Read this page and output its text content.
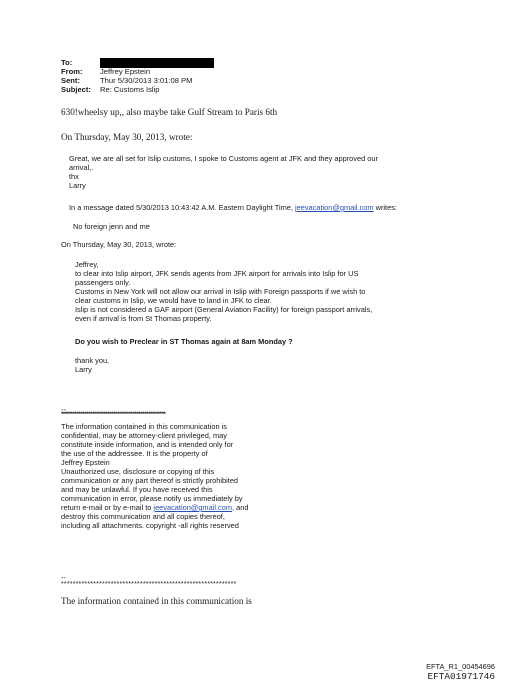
To:
From: Jeffrey Epstein
Sent:	Thur 5/30/2013 3:01:08 PM
Subject: Re: Customs Islip
630!wheelsy up,, also maybe take Gulf Stream to Paris 6th
On Thursday, May 30, 2013, wrote:
Great, we are all set for Islip customs, I spoke to Customs agent at JFK and they approved our
arrival,.
thx
Larry
In a message dated 5/30/2013 10:43:42 A.M. Eastern Daylight Time, jeevacation@gmail.com writes:
No foreign jenn and me
On Thursday, May 30, 2013, wrote:
Jeffrey,
to clear into Islip airport, JFK sends agents from JFK airport for arrivals into Islip for US
passengers only.
Customs in New York will not allow our arrival in Islip with Foreign passports if we wish to
clear customs in Islip, we would have to land in JFK to clear.
Islip is not considered a GAF airport (General Aviation Facility) for foreign passport arrivals,
even if arrival is from St Thomas property.
Do you wish to Preclear in ST Thomas again at 8am Monday ?
thank you,
Larry
--
******************************************************
The information contained in this communication is
confidential, may be attorney-client privileged, may
constitute inside information, and is intended only for
the use of the addressee. It is the property of
Jeffrey Epstein
Unauthorized use, disclosure or copying of this
communication or any part thereof is strictly prohibited
and may be unlawful. If you have received this
communication in error, please notify us immediately by
return e-mail or by e-mail to jeevacation@gmail.com, and
destroy this communication and all copies thereof,
including all attachments. copyright -all rights reserved
--
************************************************************
The information contained in this communication is
EFTA_R1_00454696
EFTA01971746
